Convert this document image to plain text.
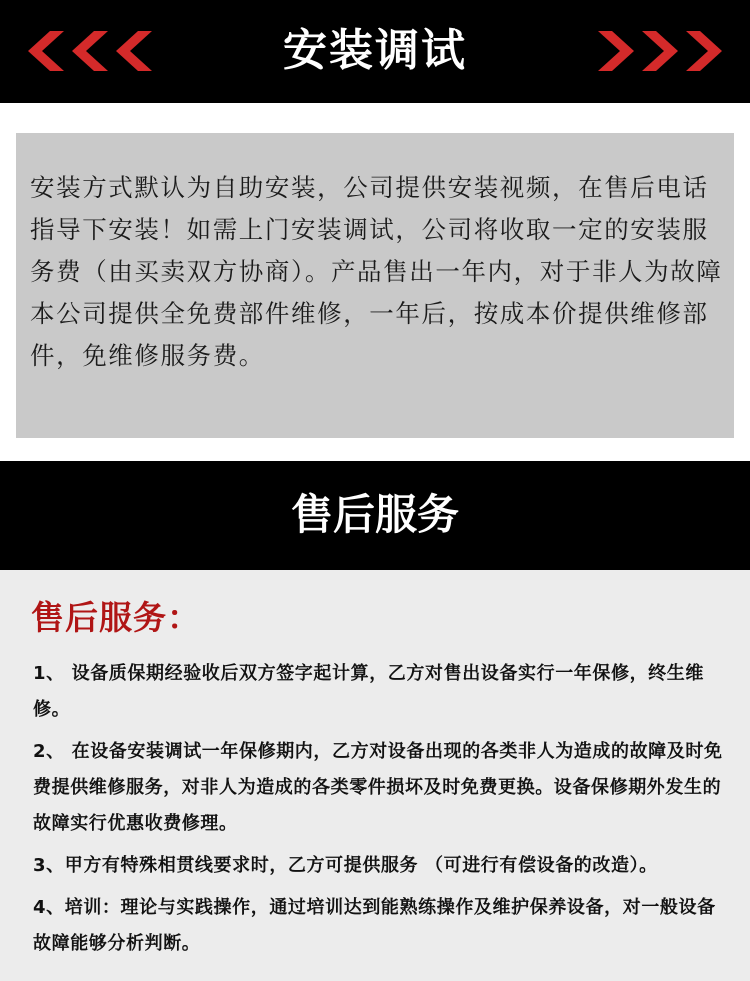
安装调试

安装方式默认为自助安装，公司提供安装视频，在售后电话指导下安装！如需上门安装调试，公司将收取一定的安装服务费（由买卖双方协商）。产品售出一年内，对于非人为故障本公司提供全免费部件维修，一年后，按成本价提供维修部件，免维修服务费。

售后服务
售后服务：

1、 设备质保期经验收后双方签字起计算，乙方对售出设备实行一年保修，终生维修。

2、 在设备安装调试一年保修期内，乙方对设备出现的各类非人为造成的故障及时免费提供维修服务，对非人为造成的各类零件损坏及时免费更换。设备保修期外发生的故障实行优惠收费修理。

3、甲方有特殊相贯线要求时，乙方可提供服务 （可进行有偿设备的改造）。

4、培训：理论与实践操作，通过培训达到能熟练操作及维护保养设备，对一般设备故障能够分析判断。
